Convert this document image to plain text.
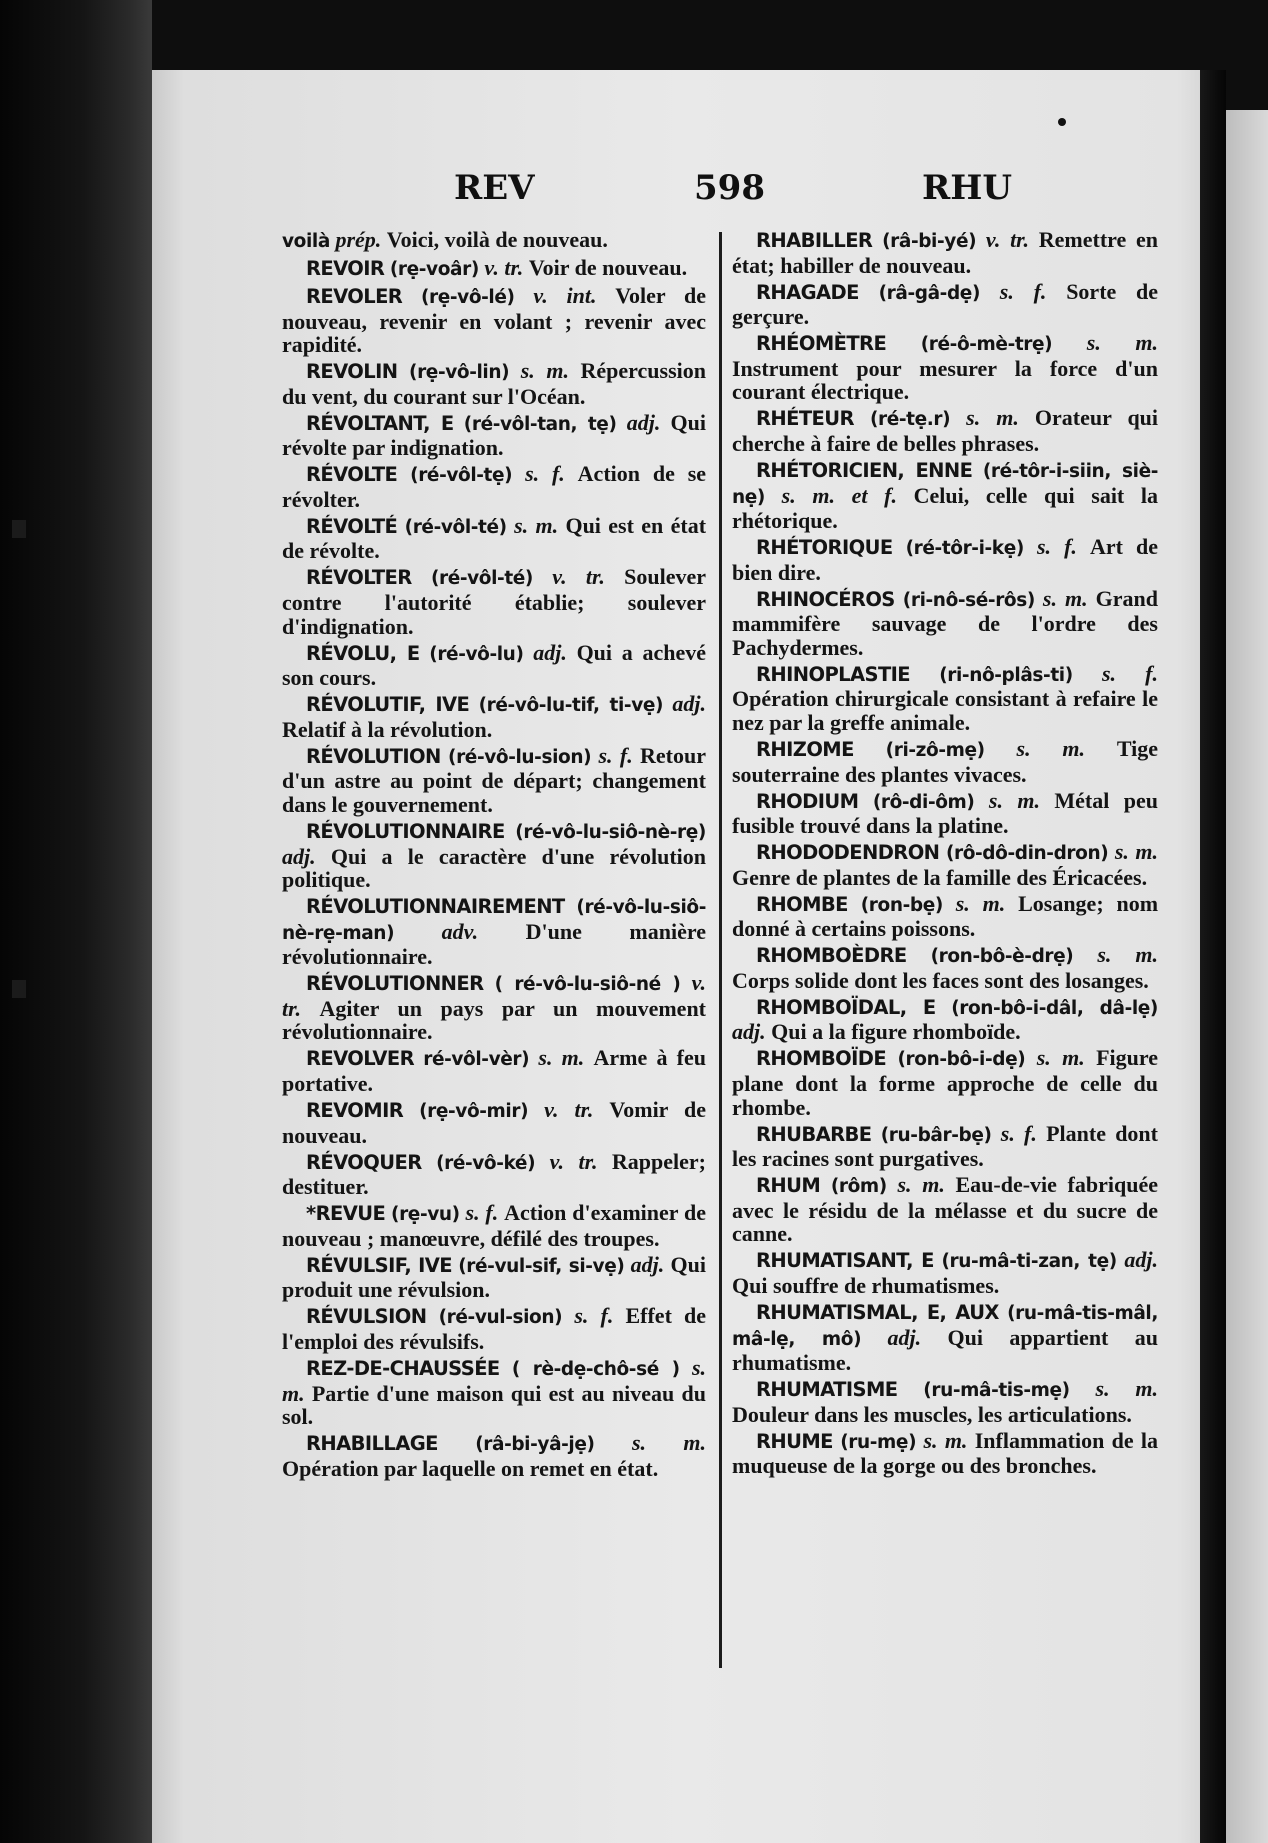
REV	598	RHU

voilà prép. Voici, voilà de nouveau.

REVOIR (rẹ-voâr) v. tr. Voir de nouveau.

REVOLER (rẹ-vô-lé) v. int. Voler de nouveau, revenir en volant ; revenir avec rapidité.

REVOLIN (rẹ-vô-lin) s. m. Répercussion du vent, du courant sur l'Océan.

RÉVOLTANT, E (ré-vôl-tan, tẹ) adj. Qui révolte par indignation.

RÉVOLTE (ré-vôl-tẹ) s. f. Action de se révolter.

RÉVOLTÉ (ré-vôl-té) s. m. Qui est en état de révolte.

RÉVOLTER (ré-vôl-té) v. tr. Soulever contre l'autorité établie; soulever d'indignation.

RÉVOLU, E (ré-vô-lu) adj. Qui a achevé son cours.

RÉVOLUTIF, IVE (ré-vô-lu-tif, ti-vẹ) adj. Relatif à la révolution.

RÉVOLUTION (ré-vô-lu-sion) s. f. Retour d'un astre au point de départ; changement dans le gouvernement.

RÉVOLUTIONNAIRE (ré-vô-lu-siô-nè-rẹ) adj. Qui a le caractère d'une révolution politique.

RÉVOLUTIONNAIREMENT (ré-vô-lu-siô-nè-rẹ-man) adv. D'une manière révolutionnaire.

RÉVOLUTIONNER ( ré-vô-lu-siô-né ) v. tr. Agiter un pays par un mouvement révolutionnaire.

REVOLVER ré-vôl-vèr) s. m. Arme à feu portative.

REVOMIR (rẹ-vô-mir) v. tr. Vomir de nouveau.

RÉVOQUER (ré-vô-ké) v. tr. Rappeler; destituer.

*REVUE (rẹ-vu) s. f. Action d'examiner de nouveau ; manœuvre, défilé des troupes.

RÉVULSIF, IVE (ré-vul-sif, si-vẹ) adj. Qui produit une révulsion.

RÉVULSION (ré-vul-sion) s. f. Effet de l'emploi des révulsifs.

REZ-DE-CHAUSSÉE ( rè-dẹ-chô-sé ) s. m. Partie d'une maison qui est au niveau du sol.

RHABILLAGE (râ-bi-yâ-jẹ) s. m. Opération par laquelle on remet en état.

RHABILLER (râ-bi-yé) v. tr. Remettre en état; habiller de nouveau.

RHAGADE (râ-gâ-dẹ) s. f. Sorte de gerçure.

RHÉOMÈTRE (ré-ô-mè-trẹ) s. m. Instrument pour mesurer la force d'un courant électrique.

RHÉTEUR (ré-tẹ.r) s. m. Orateur qui cherche à faire de belles phrases.

RHÉTORICIEN, ENNE (ré-tôr-i-siin, siè-nẹ) s. m. et f. Celui, celle qui sait la rhétorique.

RHÉTORIQUE (ré-tôr-i-kẹ) s. f. Art de bien dire.

RHINOCÉROS (ri-nô-sé-rôs) s. m. Grand mammifère sauvage de l'ordre des Pachydermes.

RHINOPLASTIE (ri-nô-plâs-ti) s. f. Opération chirurgicale consistant à refaire le nez par la greffe animale.

RHIZOME (ri-zô-mẹ) s. m. Tige souterraine des plantes vivaces.

RHODIUM (rô-di-ôm) s. m. Métal peu fusible trouvé dans la platine.

RHODODENDRON (rô-dô-din-dron) s. m. Genre de plantes de la famille des Éricacées.

RHOMBE (ron-bẹ) s. m. Losange; nom donné à certains poissons.

RHOMBOÈDRE (ron-bô-è-drẹ) s. m. Corps solide dont les faces sont des losanges.

RHOMBOÏDAL, E (ron-bô-i-dâl, dâ-lẹ) adj. Qui a la figure rhomboïde.

RHOMBOÏDE (ron-bô-i-dẹ) s. m. Figure plane dont la forme approche de celle du rhombe.

RHUBARBE (ru-bâr-bẹ) s. f. Plante dont les racines sont purgatives.

RHUM (rôm) s. m. Eau-de-vie fabriquée avec le résidu de la mélasse et du sucre de canne.

RHUMATISANT, E (ru-mâ-ti-zan, tẹ) adj. Qui souffre de rhumatismes.

RHUMATISMAL, E, AUX (ru-mâ-tis-mâl, mâ-lẹ, mô) adj. Qui appartient au rhumatisme.

RHUMATISME (ru-mâ-tis-mẹ) s. m. Douleur dans les muscles, les articulations.

RHUME (ru-mẹ) s. m. Inflammation de la muqueuse de la gorge ou des bronches.
